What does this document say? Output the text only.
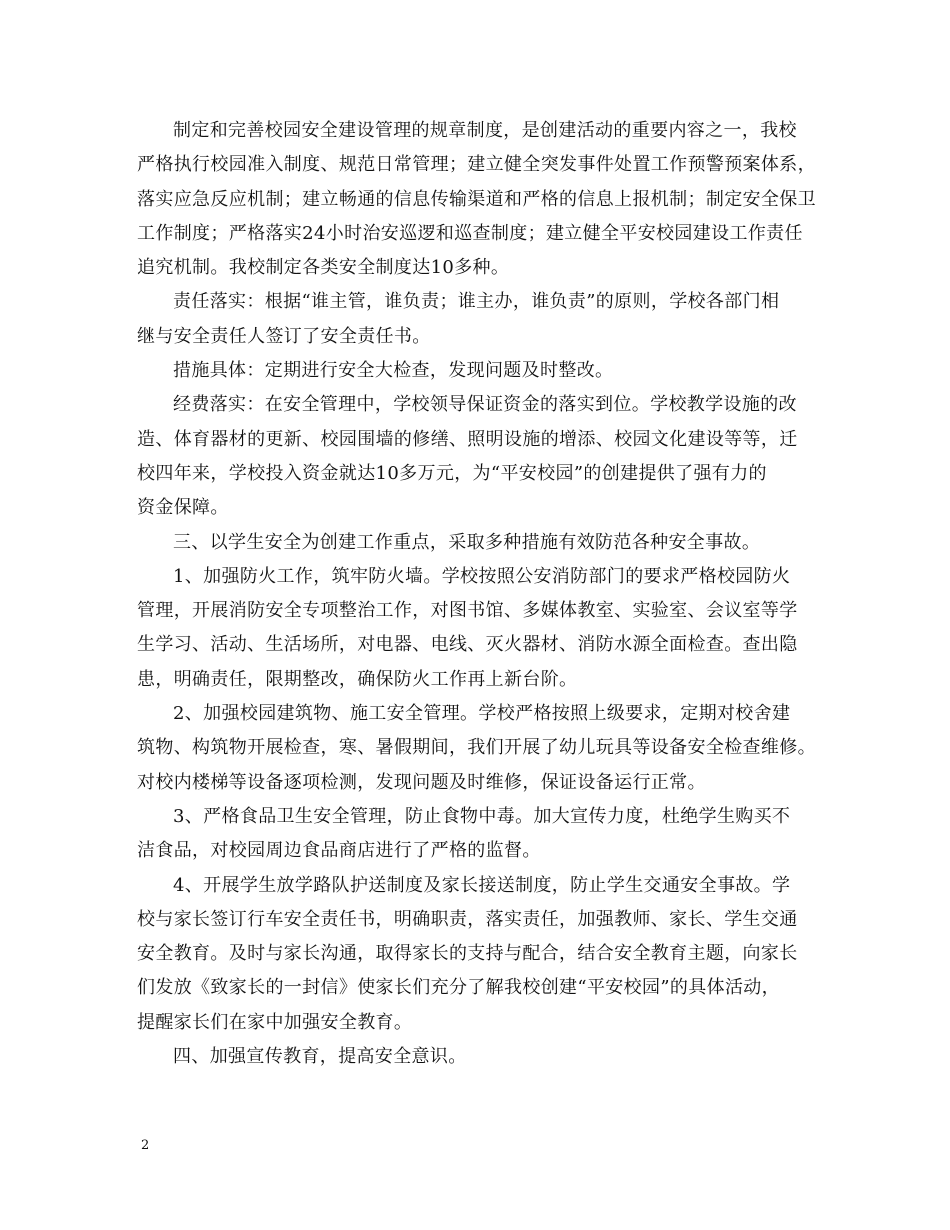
制定和完善校园安全建设管理的规章制度，是创建活动的重要内容之一，我校
严格执行校园准入制度、规范日常管理；建立健全突发事件处置工作预警预案体系，
落实应急反应机制；建立畅通的信息传输渠道和严格的信息上报机制；制定安全保卫
工作制度；严格落实24小时治安巡逻和巡查制度；建立健全平安校园建设工作责任
追究机制。我校制定各类安全制度达10多种。
责任落实：根据“谁主管，谁负责；谁主办，谁负责”的原则，学校各部门相
继与安全责任人签订了安全责任书。
措施具体：定期进行安全大检查，发现问题及时整改。
经费落实：在安全管理中，学校领导保证资金的落实到位。学校教学设施的改
造、体育器材的更新、校园围墙的修缮、照明设施的增添、校园文化建设等等，迁
校四年来，学校投入资金就达10多万元，为“平安校园”的创建提供了强有力的
资金保障。
三、以学生安全为创建工作重点，采取多种措施有效防范各种安全事故。
1、加强防火工作，筑牢防火墙。学校按照公安消防部门的要求严格校园防火
管理，开展消防安全专项整治工作，对图书馆、多媒体教室、实验室、会议室等学
生学习、活动、生活场所，对电器、电线、灭火器材、消防水源全面检查。查出隐
患，明确责任，限期整改，确保防火工作再上新台阶。
2、加强校园建筑物、施工安全管理。学校严格按照上级要求，定期对校舍建
筑物、构筑物开展检查，寒、暑假期间，我们开展了幼儿玩具等设备安全检查维修。
对校内楼梯等设备逐项检测，发现问题及时维修，保证设备运行正常。
3、严格食品卫生安全管理，防止食物中毒。加大宣传力度，杜绝学生购买不
洁食品，对校园周边食品商店进行了严格的监督。
4、开展学生放学路队护送制度及家长接送制度，防止学生交通安全事故。学
校与家长签订行车安全责任书，明确职责，落实责任，加强教师、家长、学生交通
安全教育。及时与家长沟通，取得家长的支持与配合，结合安全教育主题，向家长
们发放《致家长的一封信》使家长们充分了解我校创建“平安校园”的具体活动，
提醒家长们在家中加强安全教育。
四、加强宣传教育，提高安全意识。
2
